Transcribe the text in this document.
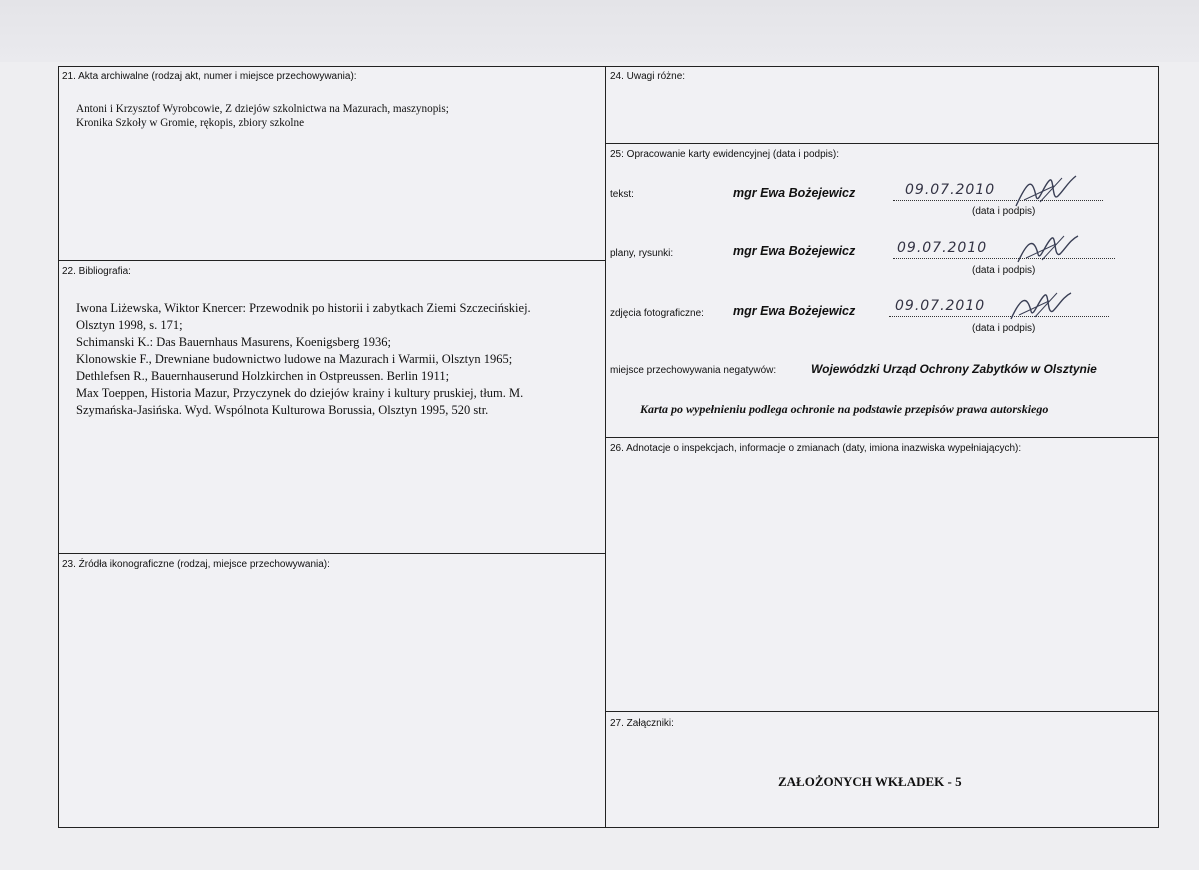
21. Akta archiwalne (rodzaj akt, numer i miejsce przechowywania):
Antoni i Krzysztof Wyrobcowie, Z dziejów szkolnictwa na Mazurach, maszynopis;
Kronika Szkoły w Gromie, rękopis, zbiory szkolne
22. Bibliografia:
Iwona Liżewska, Wiktor Knercer: Przewodnik po historii i zabytkach Ziemi Szczecińskiej.
Olsztyn 1998, s. 171;
Schimanski K.: Das Bauernhaus Masurens, Koenigsberg 1936;
Klonowskie F., Drewniane budownictwo ludowe na Mazurach i Warmii, Olsztyn 1965;
Dethlefsen R., Bauernhauserund Holzkirchen in Ostpreussen. Berlin 1911;
Max Toeppen, Historia Mazur, Przyczynek do dziejów krainy i kultury pruskiej, tłum. M.
Szymańska-Jasińska. Wyd. Wspólnota Kulturowa Borussia, Olsztyn 1995, 520 str.
23. Źródła ikonograficzne (rodzaj, miejsce przechowywania):
24. Uwagi różne:
25: Opracowanie karty ewidencyjnej (data i podpis):
tekst:	mgr Ewa Bożejewicz	09.07.2010
(data i podpis)
plany, rysunki:	mgr Ewa Bożejewicz	09.07.2010
(data i podpis)
zdjęcia fotograficzne: mgr Ewa Bożejewicz	09.07.2010
(data i podpis)
miejsce przechowywania negatywów:	Wojewódzki Urząd Ochrony Zabytków w Olsztynie
Karta po wypełnieniu podlega ochronie na podstawie przepisów prawa autorskiego
26. Adnotacje o inspekcjach, informacje o zmianach (daty, imiona inazwiska wypełniających):
27. Załączniki:
ZAŁOŻONYCH WKŁADEK - 5
